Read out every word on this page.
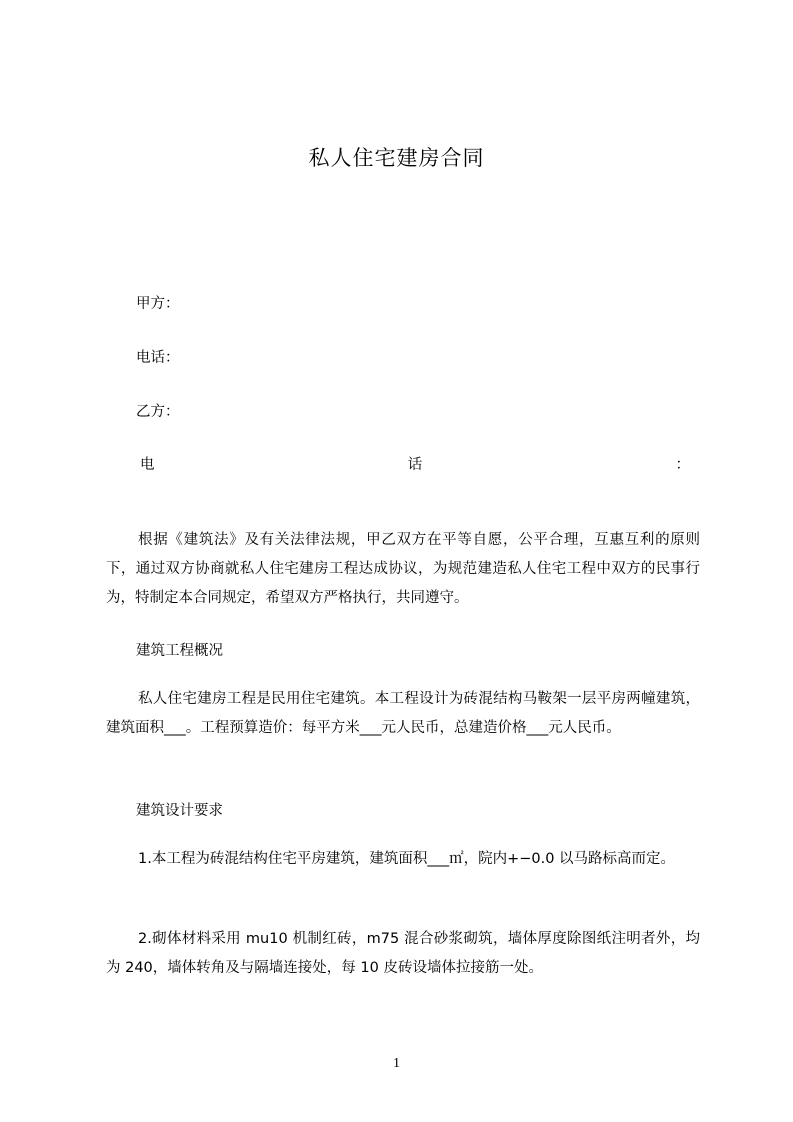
私人住宅建房合同
甲方：
电话：
乙方：
电	话	：
根据《建筑法》及有关法律法规，甲乙双方在平等自愿，公平合理，互惠互利的原则下，通过双方协商就私人住宅建房工程达成协议，为规范建造私人住宅工程中双方的民事行为，特制定本合同规定，希望双方严格执行，共同遵守。
建筑工程概况
私人住宅建房工程是民用住宅建筑。本工程设计为砖混结构马鞍架一层平房两幢建筑，建筑面积___。工程预算造价：每平方米___元人民币，总建造价格___元人民币。
建筑设计要求
1.本工程为砖混结构住宅平房建筑，建筑面积___㎡，院内+−0.0 以马路标高而定。
2.砌体材料采用 mu10 机制红砖，m75 混合砂浆砌筑，墙体厚度除图纸注明者外，均为 240，墙体转角及与隔墙连接处，每 10 皮砖设墙体拉接筋一处。
1
